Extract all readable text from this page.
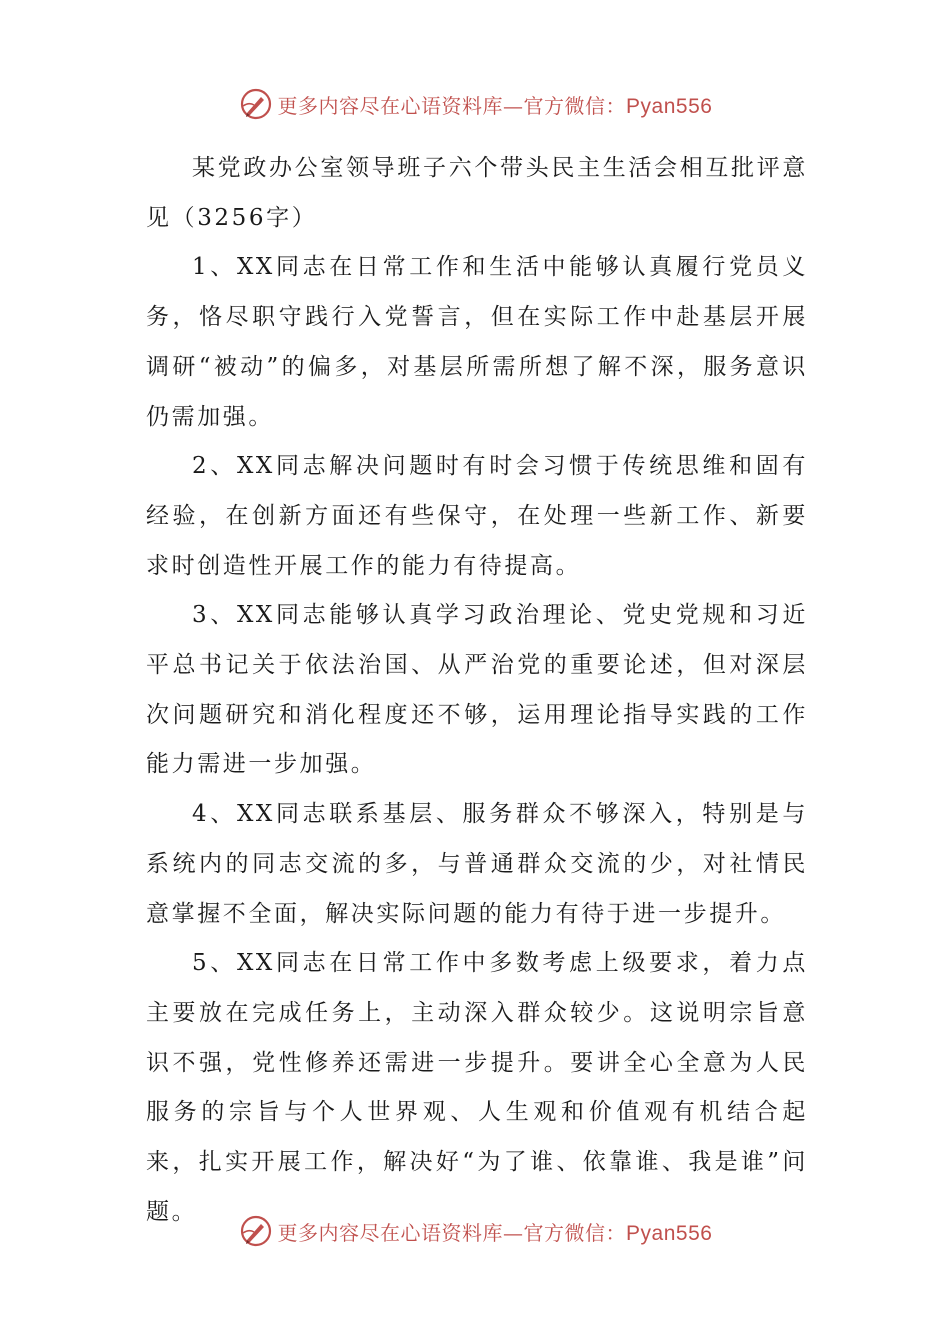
更多内容尽在心语资料库—官方微信：Pyan556

某党政办公室领导班子六个带头民主生活会相互批评意见（3256字）

1、XX同志在日常工作和生活中能够认真履行党员义务，恪尽职守践行入党誓言，但在实际工作中赴基层开展调研“被动”的偏多，对基层所需所想了解不深，服务意识仍需加强。

2、XX同志解决问题时有时会习惯于传统思维和固有经验，在创新方面还有些保守，在处理一些新工作、新要求时创造性开展工作的能力有待提高。

3、XX同志能够认真学习政治理论、党史党规和习近平总书记关于依法治国、从严治党的重要论述，但对深层次问题研究和消化程度还不够，运用理论指导实践的工作能力需进一步加强。

4、XX同志联系基层、服务群众不够深入，特别是与系统内的同志交流的多，与普通群众交流的少，对社情民意掌握不全面，解决实际问题的能力有待于进一步提升。

5、XX同志在日常工作中多数考虑上级要求，着力点主要放在完成任务上，主动深入群众较少。这说明宗旨意识不强，党性修养还需进一步提升。要讲全心全意为人民服务的宗旨与个人世界观、人生观和价值观有机结合起来，扎实开展工作，解决好“为了谁、依靠谁、我是谁”问题。

更多内容尽在心语资料库—官方微信：Pyan556
